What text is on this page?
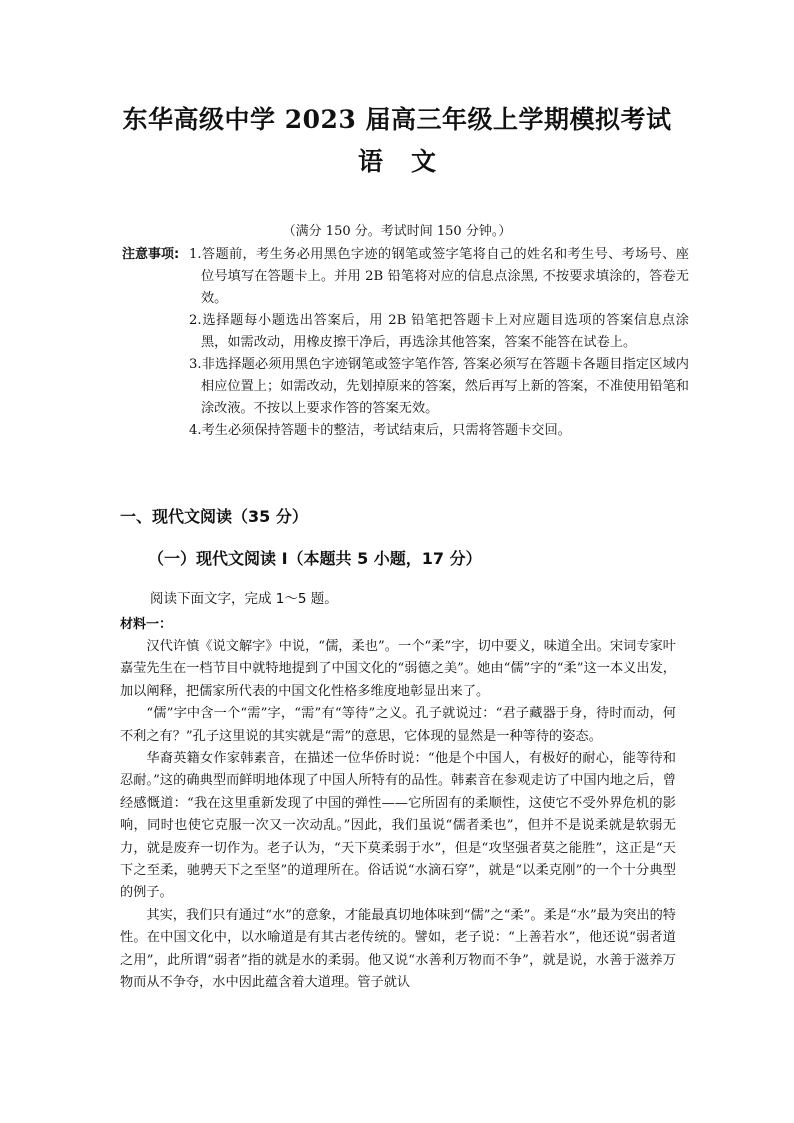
东华高级中学 2023 届高三年级上学期模拟考试
语 文
（满分 150 分。考试时间 150 分钟。）
注意事项: 1.答题前，考生务必用黑色字迹的钢笔或签字笔将自己的姓名和考生号、考场号、座位号填写在答题卡上。并用 2B 铅笔将对应的信息点涂黑, 不按要求填涂的，答卷无效。
2.选择题每小题选出答案后，用 2B 铅笔把答题卡上对应题目选项的答案信息点涂黑，如需改动，用橡皮擦干净后，再选涂其他答案，答案不能答在试卷上。
3.非选择题必须用黑色字迹钢笔或签字笔作答, 答案必须写在答题卡各题目指定区域内相应位置上；如需改动，先划掉原来的答案，然后再写上新的答案，不准使用铅笔和涂改液。不按以上要求作答的答案无效。
4.考生必须保持答题卡的整洁，考试结束后，只需将答题卡交回。
一、现代文阅读（35 分）
（一）现代文阅读 I（本题共 5 小题，17 分）
阅读下面文字，完成 1～5 题。
材料一：

汉代许慎《说文解字》中说，“儒，柔也”。一个“柔”字，切中要义，味道全出。宋词专家叶嘉莹先生在一档节目中就特地提到了中国文化的“弱德之美”。她由“儒”字的“柔”这一本义出发，加以阐释，把儒家所代表的中国文化性格多维度地彰显出来了。

“儒”字中含一个“需”字，“需”有“等待”之义。孔子就说过：“君子藏器于身，待时而动，何不利之有？”孔子这里说的其实就是“需”的意思，它体现的显然是一种等待的姿态。

华裔英籍女作家韩素音，在描述一位华侨时说：“他是个中国人，有极好的耐心，能等待和忍耐。”这的确典型而鲜明地体现了中国人所特有的品性。韩素音在参观走访了中国内地之后，曾经感慨道：“我在这里重新发现了中国的弹性——它所固有的柔顺性，这使它不受外界危机的影响，同时也使它克服一次又一次动乱。”因此，我们虽说“儒者柔也”，但并不是说柔就是软弱无力，就是废弃一切作为。老子认为，“天下莫柔弱于水”，但是“攻坚强者莫之能胜”，这正是“天下之至柔，驰骋天下之至坚”的道理所在。俗话说“水滴石穿”，就是“以柔克刚”的一个十分典型的例子。

其实，我们只有通过“水”的意象，才能最真切地体味到“儒”之“柔”。柔是“水”最为突出的特性。在中国文化中，以水喻道是有其古老传统的。譬如，老子说：“上善若水”，他还说“弱者道之用”，此所谓“弱者”指的就是水的柔弱。他又说“水善利万物而不争”，就是说，水善于滋养万物而从不争夺，水中因此蕴含着大道理。管子就认
